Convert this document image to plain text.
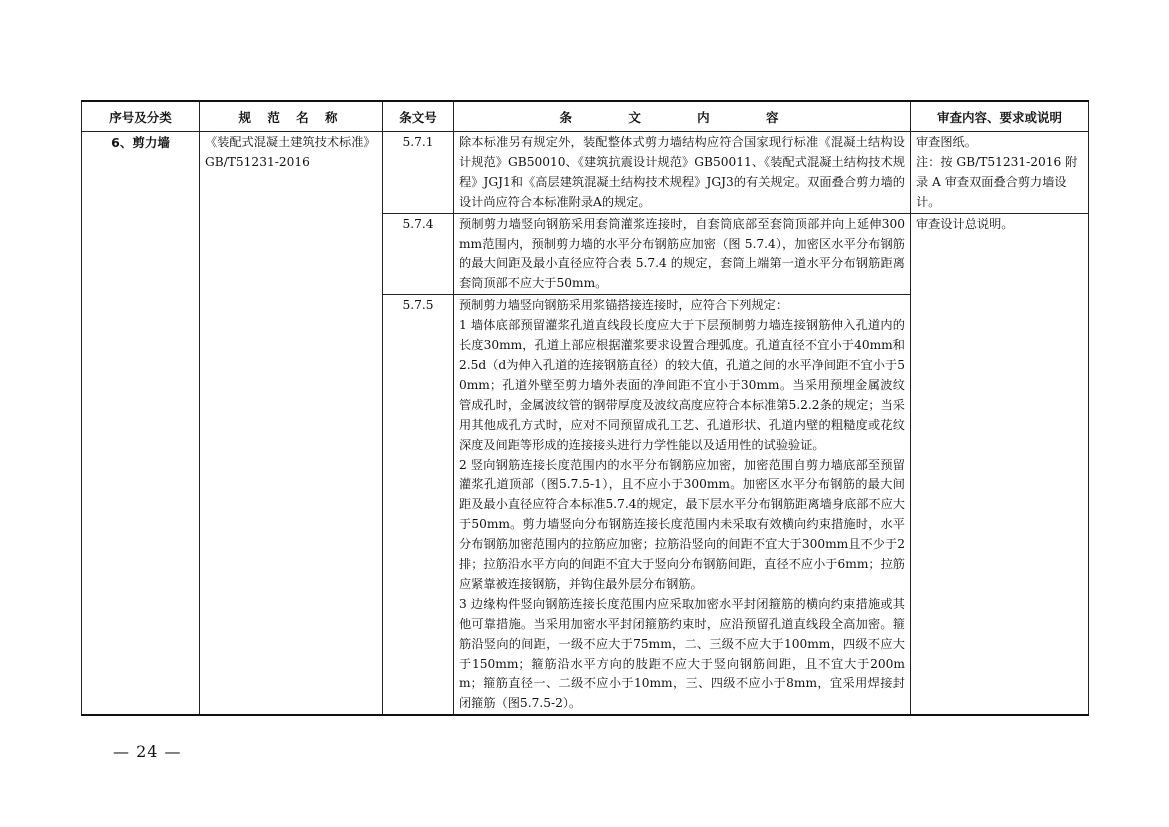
序号及分类	规 范 名 称	条文号	条 文 内 容	审查内容、要求或说明
6、剪力墙	《装配式混凝土建筑技术标准》GB/T51231-2016	5.7.1	除本标准另有规定外，装配整体式剪力墙结构应符合国家现行标准《混凝土结构设计规范》GB50010、《建筑抗震设计规范》GB50011、《装配式混凝土结构技术规程》JGJ1和《高层建筑混凝土结构技术规程》JGJ3的有关规定。双面叠合剪力墙的设计尚应符合本标准附录A的规定。	审查图纸。
注：按 GB/T51231-2016 附录 A 审查双面叠合剪力墙设计。

		5.7.4	预制剪力墙竖向钢筋采用套筒灌浆连接时，自套筒底部至套筒顶部并向上延伸300mm范围内，预制剪力墙的水平分布钢筋应加密（图 5.7.4），加密区水平分布钢筋的最大间距及最小直径应符合表 5.7.4 的规定，套筒上端第一道水平分布钢筋距离套筒顶部不应大于50mm。	审查设计总说明。
		5.7.5	预制剪力墙竖向钢筋采用浆锚搭接连接时，应符合下列规定：
1 墙体底部预留灌浆孔道直线段长度应大于下层预制剪力墙连接钢筋伸入孔道内的长度30mm，孔道上部应根据灌浆要求设置合理弧度。孔道直径不宜小于40mm和2.5d（d为伸入孔道的连接钢筋直径）的较大值，孔道之间的水平净间距不宜小于50mm；孔道外壁至剪力墙外表面的净间距不宜小于30mm。当采用预埋金属波纹管成孔时，金属波纹管的钢带厚度及波纹高度应符合本标准第5.2.2条的规定；当采用其他成孔方式时，应对不同预留成孔工艺、孔道形状、孔道内壁的粗糙度或花纹深度及间距等形成的连接接头进行力学性能以及适用性的试验验证。
2 竖向钢筋连接长度范围内的水平分布钢筋应加密，加密范围自剪力墙底部至预留灌浆孔道顶部（图5.7.5-1），且不应小于300mm。加密区水平分布钢筋的最大间距及最小直径应符合本标准5.7.4的规定，最下层水平分布钢筋距离墙身底部不应大于50mm。剪力墙竖向分布钢筋连接长度范围内未采取有效横向约束措施时，水平分布钢筋加密范围内的拉筋应加密；拉筋沿竖向的间距不宜大于300mm且不少于2排；拉筋沿水平方向的间距不宜大于竖向分布钢筋间距，直径不应小于6mm；拉筋应紧靠被连接钢筋，并钩住最外层分布钢筋。
3 边缘构件竖向钢筋连接长度范围内应采取加密水平封闭箍筋的横向约束措施或其他可靠措施。当采用加密水平封闭箍筋约束时，应沿预留孔道直线段全高加密。箍筋沿竖向的间距，一级不应大于75mm，二、三级不应大于100mm，四级不应大于150mm；箍筋沿水平方向的肢距不应大于竖向钢筋间距，且不宜大于200mm；箍筋直径一、二级不应小于10mm，三、四级不应小于8mm，宜采用焊接封闭箍筋（图5.7.5-2）。	
— 24 —
